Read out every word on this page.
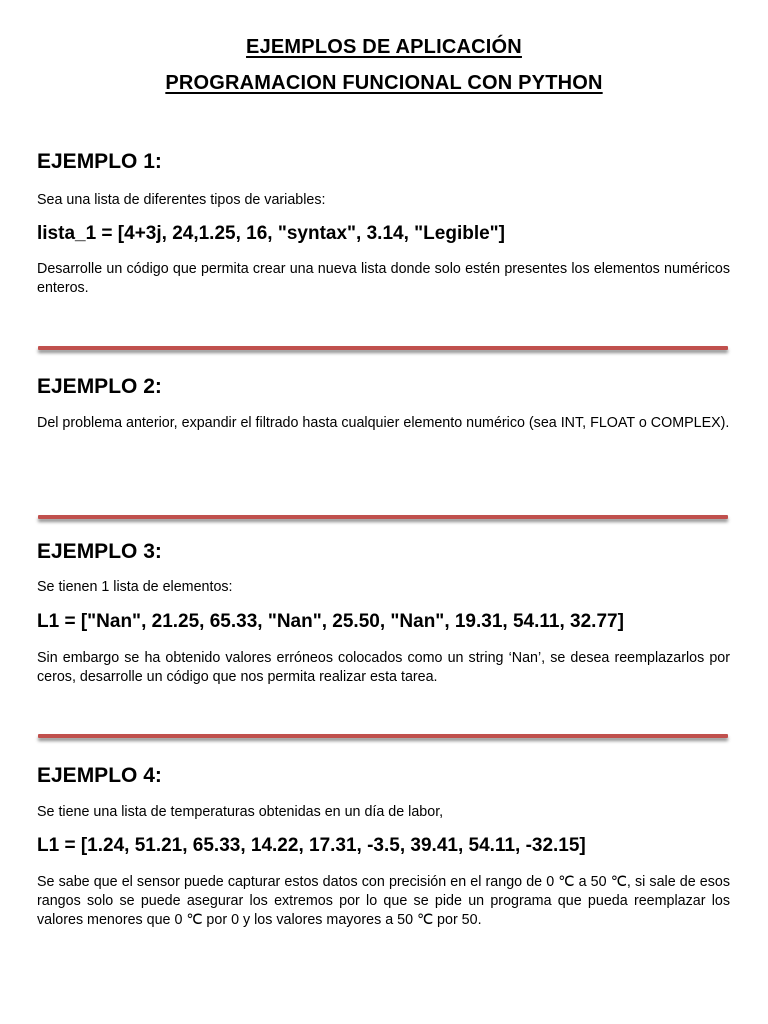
EJEMPLOS DE APLICACIÓN
PROGRAMACION FUNCIONAL CON PYTHON
EJEMPLO 1:
Sea una lista de diferentes tipos de variables:
lista_1 = [4+3j, 24,1.25, 16, "syntax", 3.14, "Legible"]
Desarrolle un código que permita crear una nueva lista donde solo estén presentes los elementos numéricos enteros.
EJEMPLO 2:
Del problema anterior, expandir el filtrado hasta cualquier elemento numérico (sea INT, FLOAT o COMPLEX).
EJEMPLO 3:
Se tienen 1 lista de elementos:
L1 = ["Nan", 21.25, 65.33, "Nan", 25.50, "Nan", 19.31, 54.11, 32.77]
Sin embargo se ha obtenido valores erróneos colocados como un string ‘Nan’, se desea reemplazarlos por ceros, desarrolle un código que nos permita realizar esta tarea.
EJEMPLO 4:
Se tiene una lista de temperaturas obtenidas en un día de labor,
L1 = [1.24, 51.21, 65.33, 14.22, 17.31, -3.5, 39.41, 54.11, -32.15]
Se sabe que el sensor puede capturar estos datos con precisión en el rango de 0 ℃ a 50 ℃, si sale de esos rangos solo se puede asegurar los extremos por lo que se pide un programa que pueda reemplazar los valores menores que 0 ℃ por 0 y los valores mayores a 50 ℃ por 50.
